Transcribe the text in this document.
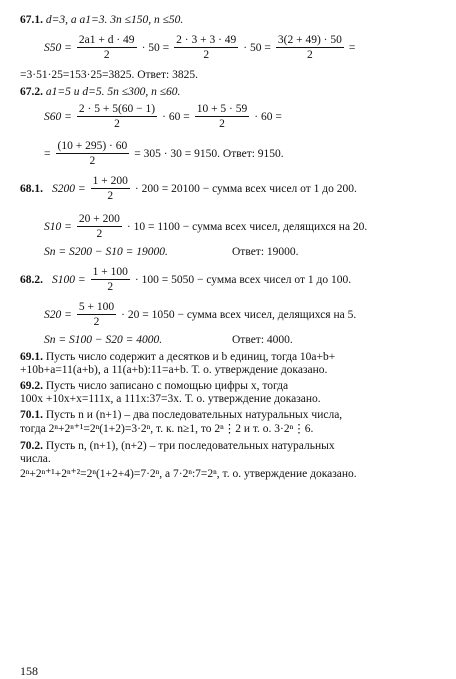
67.1. d=3, a a1=3. 3n ≤150, n ≤50.
$S50 = \frac{2a1 + d \cdot 49}{2} \cdot 50 = \frac{2 \cdot 3 + 3 \cdot 49}{2} \cdot 50 = \frac{3(2 + 49) \cdot 50}{2}$ =
=3·51·25=153·25=3825. Ответ: 3825.
67.2. a1=5 и d=5. 5n ≤300, n ≤60.
$S60 = \frac{2 \cdot 5 + 5(60 - 1)}{2} \cdot 60 = \frac{10 + 5 \cdot 59}{2} \cdot 60$ =
= $\frac{(10 + 295) \cdot 60}{2} = 305 \cdot 30 = 9150$. Ответ: 9150.
68.1. $S200 = \frac{1 + 200}{2} \cdot 200 = 20100$ − сумма всех чисел от 1 до 200.
$S10 = \frac{20 + 200}{2} \cdot 10 = 1100$ − сумма всех чисел, делящихся на 20.
Sn = S200 − S10 = 19000.	Ответ: 19000.
68.2. $S100 = \frac{1 + 100}{2} \cdot 100 = 5050$ − сумма всех чисел от 1 до 100.
$S20 = \frac{5 + 100}{2} \cdot 20 = 1050$ − сумма всех чисел, делящихся на 5.
Sn = S100 − S20 = 4000.	Ответ: 4000.
69.1. Пусть число содержит a десятков и b единиц, тогда 10a+b+
+10b+a=11(a+b), а 11(a+b):11=a+b. Т. о. утверждение доказано.
69.2. Пусть число записано с помощью цифры x, тогда
100x +10x+x=111x, а 111x:37=3x. Т. о. утверждение доказано.
70.1. Пусть n и (n+1) – два последовательных натуральных числа,
тогда 2ⁿ+2ⁿ⁺¹=2ⁿ(1+2)=3·2ⁿ, т. к. n≥1, то 2ⁿ⋮2 и т. о. 3·2ⁿ⋮6.
70.2. Пусть n, (n+1), (n+2) – три последовательных натуральных
числа.
2ⁿ+2ⁿ⁺¹+2ⁿ⁺²=2ⁿ(1+2+4)=7·2ⁿ, а 7·2ⁿ:7=2ⁿ, т. о. утверждение доказано.
158
